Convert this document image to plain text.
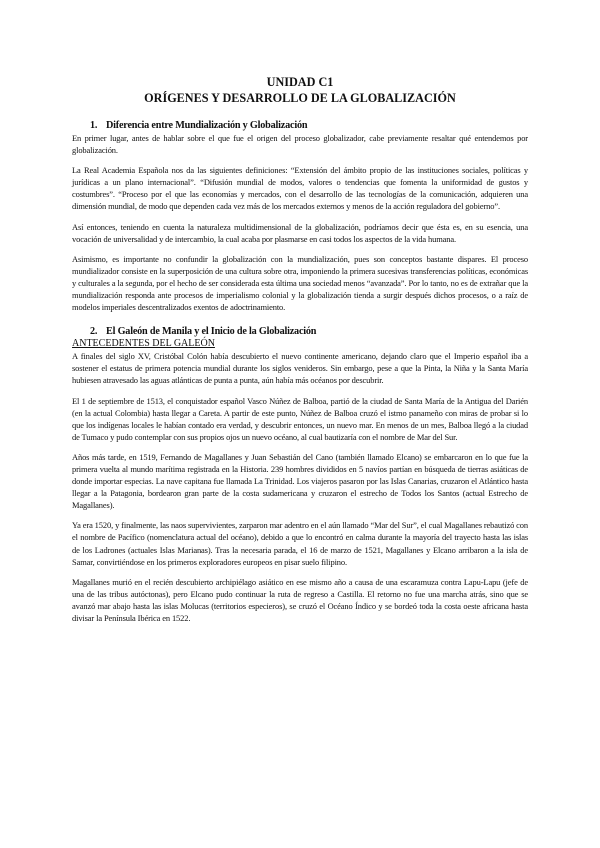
UNIDAD C1
ORÍGENES Y DESARROLLO DE LA GLOBALIZACIÓN
1. Diferencia entre Mundialización y Globalización

En primer lugar, antes de hablar sobre el que fue el origen del proceso globalizador, cabe previamente resaltar qué entendemos por globalización.

La Real Academia Española nos da las siguientes definiciones: “Extensión del ámbito propio de las instituciones sociales, políticas y jurídicas a un plano internacional”. “Difusión mundial de modos, valores o tendencias que fomenta la uniformidad de gustos y costumbres”. “Proceso por el que las economías y mercados, con el desarrollo de las tecnologías de la comunicación, adquieren una dimensión mundial, de modo que dependen cada vez más de los mercados externos y menos de la acción reguladora del gobierno”.

Así entonces, teniendo en cuenta la naturaleza multidimensional de la globalización, podríamos decir que ésta es, en su esencia, una vocación de universalidad y de intercambio, la cual acaba por plasmarse en casi todos los aspectos de la vida humana.

Asimismo, es importante no confundir la globalización con la mundialización, pues son conceptos bastante dispares. El proceso mundializador consiste en la superposición de una cultura sobre otra, imponiendo la primera sucesivas transferencias políticas, económicas y culturales a la segunda, por el hecho de ser considerada esta última una sociedad menos “avanzada”. Por lo tanto, no es de extrañar que la mundialización responda ante procesos de imperialismo colonial y la globalización tienda a surgir después dichos procesos, o a raíz de modelos imperiales descentralizados exentos de adoctrinamiento.

2. El Galeón de Manila y el Inicio de la Globalización
ANTECEDENTES DEL GALEÓN

A finales del siglo XV, Cristóbal Colón había descubierto el nuevo continente americano, dejando claro que el Imperio español iba a sostener el estatus de primera potencia mundial durante los siglos venideros. Sin embargo, pese a que la Pinta, la Niña y la Santa María hubiesen atravesado las aguas atlánticas de punta a punta, aún había más océanos por descubrir.

El 1 de septiembre de 1513, el conquistador español Vasco Núñez de Balboa, partió de la ciudad de Santa María de la Antigua del Darién (en la actual Colombia) hasta llegar a Careta. A partir de este punto, Núñez de Balboa cruzó el istmo panameño con miras de probar si lo que los indígenas locales le habían contado era verdad, y descubrir entonces, un nuevo mar. En menos de un mes, Balboa llegó a la ciudad de Tumaco y pudo contemplar con sus propios ojos un nuevo océano, al cual bautizaría con el nombre de Mar del Sur.

Años más tarde, en 1519, Fernando de Magallanes y Juan Sebastián del Cano (también llamado Elcano) se embarcaron en lo que fue la primera vuelta al mundo marítima registrada en la Historia. 239 hombres divididos en 5 navíos partían en búsqueda de tierras asiáticas de donde importar especias. La nave capitana fue llamada La Trinidad. Los viajeros pasaron por las Islas Canarias, cruzaron el Atlántico hasta llegar a la Patagonia, bordearon gran parte de la costa sudamericana y cruzaron el estrecho de Todos los Santos (actual Estrecho de Magallanes).

Ya era 1520, y finalmente, las naos supervivientes, zarparon mar adentro en el aún llamado “Mar del Sur”, el cual Magallanes rebautizó con el nombre de Pacífico (nomenclatura actual del océano), debido a que lo encontró en calma durante la mayoría del trayecto hasta las islas de los Ladrones (actuales Islas Marianas). Tras la necesaria parada, el 16 de marzo de 1521, Magallanes y Elcano arribaron a la isla de Samar, convirtiéndose en los primeros exploradores europeos en pisar suelo filipino.

Magallanes murió en el recién descubierto archipiélago asiático en ese mismo año a causa de una escaramuza contra Lapu-Lapu (jefe de una de las tribus autóctonas), pero Elcano pudo continuar la ruta de regreso a Castilla. El retorno no fue una marcha atrás, sino que se avanzó mar abajo hasta las islas Molucas (territorios especieros), se cruzó el Océano Índico y se bordeó toda la costa oeste africana hasta divisar la Península Ibérica en 1522.
